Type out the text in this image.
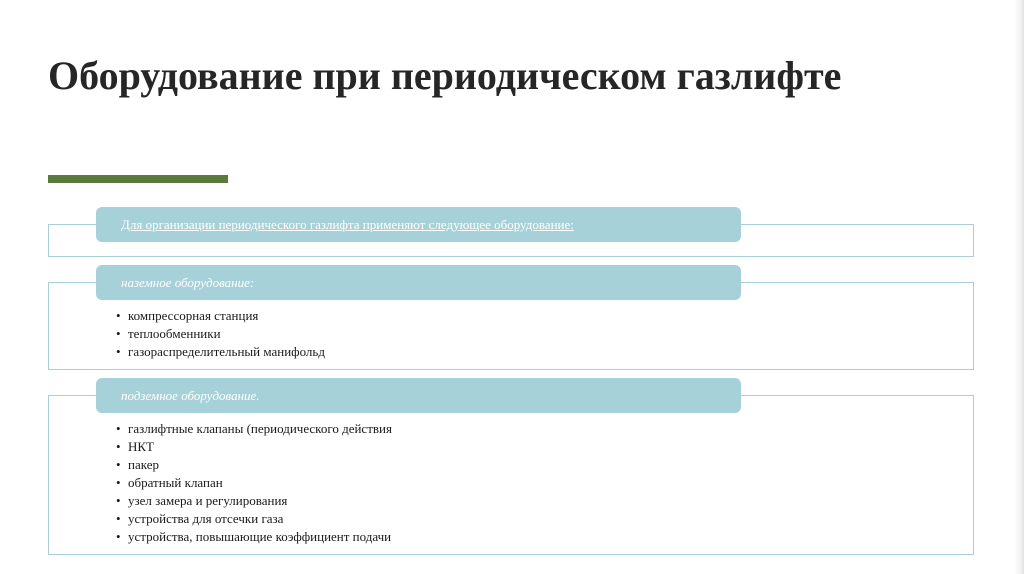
Оборудование при периодическом газлифте
Для организации периодического газлифта применяют следующее оборудование:
наземное оборудование:
• компрессорная станция
• теплообменники
• газораспределительный манифольд
подземное оборудование.
• газлифтные клапаны (периодического действия
• НКТ
• пакер
• обратный клапан
• узел замера и регулирования
• устройства для отсечки газа
• устройства, повышающие коэффициент подачи
